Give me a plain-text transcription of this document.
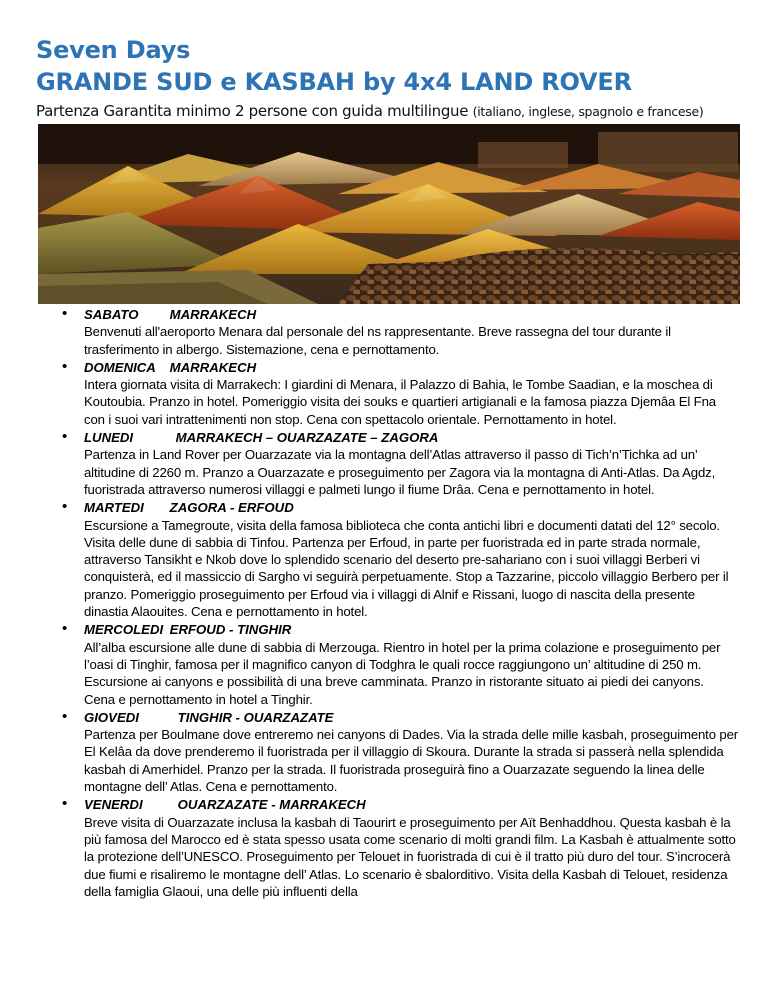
Seven Days
GRANDE SUD e KASBAH by 4x4 LAND ROVER
Partenza Garantita minimo 2 persone con guida multilingue (italiano, inglese, spagnolo e francese)
• SABATO MARRAKECH

Benvenuti all'aeroporto Menara dal personale del ns rappresentante. Breve rassegna del tour durante il trasferimento in albergo. Sistemazione, cena e pernottamento.

• DOMENICA MARRAKECH

Intera giornata visita di Marrakech: I giardini di Menara, il Palazzo di Bahia, le Tombe Saadian, e la moschea di Koutoubia. Pranzo in hotel. Pomeriggio visita dei souks e quartieri artigianali e la famosa piazza Djemâa El Fna con i suoi vari intrattenimenti non stop. Cena con spettacolo orientale. Pernottamento in hotel.

• LUNEDI	MARRAKECH – OUARZAZATE – ZAGORA

Partenza in Land Rover per Ouarzazate via la montagna dell’Atlas attraverso il passo di Tich’n’Tichka ad un’ altitudine di 2260 m. Pranzo a Ouarzazate e proseguimento per Zagora via la montagna di Anti-Atlas. Da Agdz, fuoristrada attraverso numerosi villaggi e palmeti lungo il fiume Drâa. Cena e pernottamento in hotel.

• MARTEDI ZAGORA - ERFOUD

Escursione a Tamegroute, visita della famosa biblioteca che conta antichi libri e documenti datati del 12° secolo. Visita delle dune di sabbia di Tinfou. Partenza per Erfoud, in parte per fuoristrada ed in parte strada normale, attraverso Tansikht e Nkob dove lo splendido scenario del deserto pre-sahariano con i suoi villaggi Berberi vi conquisterà, ed il massiccio di Sargho vi seguirà perpetuamente. Stop a Tazzarine, piccolo villaggio Berbero per il pranzo. Pomeriggio proseguimento per Erfoud via i villaggi di Alnif e Rissani, luogo di nascita della presente dinastia Alaouites. Cena e pernottamento in hotel.

• MERCOLEDI ERFOUD - TINGHIR

All’alba escursione alle dune di sabbia di Merzouga. Rientro in hotel per la prima colazione e proseguimento per l’oasi di Tinghir, famosa per il magnifico canyon di Todghra le quali rocce raggiungono un’ altitudine di 250 m. Escursione ai canyons e possibilità di una breve camminata. Pranzo in ristorante situato ai piedi dei canyons. Cena e pernottamento in hotel a Tinghir.

• GIOVEDI	TINGHIR - OUARZAZATE

Partenza per Boulmane dove entreremo nei canyons di Dades. Via la strada delle mille kasbah, proseguimento per El Kelâa da dove prenderemo il fuoristrada per il villaggio di Skoura. Durante la strada si passerà nella splendida kasbah di Amerhidel. Pranzo per la strada. Il fuoristrada proseguirà fino a Ouarzazate seguendo la linea delle montagne dell’ Atlas. Cena e pernottamento.

• VENERDI	OUARZAZATE - MARRAKECH

Breve visita di Ouarzazate inclusa la kasbah di Taourirt e proseguimento per Aït Benhaddhou. Questa kasbah è la più famosa del Marocco ed è stata spesso usata come scenario di molti grandi film. La Kasbah è attualmente sotto la protezione dell’UNESCO. Proseguimento per Telouet in fuoristrada di cui è il tratto più duro del tour. S’incrocerà due fiumi e risaliremo le montagne dell’ Atlas. Lo scenario è sbalorditivo. Visita della Kasbah di Telouet, residenza della famiglia Glaoui, una delle più influenti della
